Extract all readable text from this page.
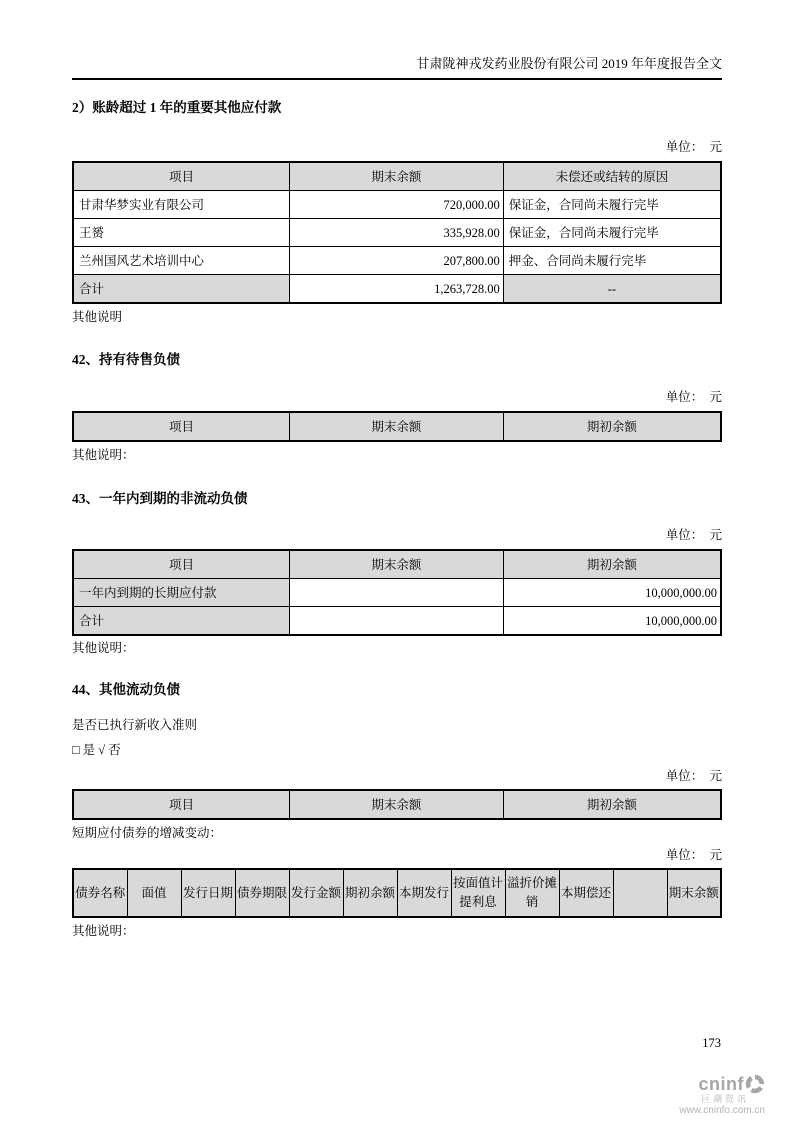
甘肃陇神戎发药业股份有限公司 2019 年年度报告全文
2）账龄超过 1 年的重要其他应付款
单位：　元
项目	期末余额	未偿还或结转的原因
甘肃华梦实业有限公司	720,000.00	保证金，合同尚未履行完毕
王赟	335,928.00	保证金，合同尚未履行完毕
兰州国风艺术培训中心	207,800.00	押金、合同尚未履行完毕
合计	1,263,728.00	--
其他说明
42、持有待售负债
单位：　元
项目	期末余额	期初余额
其他说明：
43、一年内到期的非流动负债
单位：　元
项目	期末余额	期初余额
一年内到期的长期应付款		10,000,000.00
合计		10,000,000.00
其他说明：
44、其他流动负债
是否已执行新收入准则
□ 是 √ 否
单位：　元
项目	期末余额	期初余额
短期应付债券的增减变动：
单位：　元
债券名称	面值	发行日期	债券期限	发行金额	期初余额	本期发行	按面值计提利息	溢折价摊销	本期偿还		期末余额
其他说明：
173
cninf
巨潮资讯
www.cninfo.com.cn
